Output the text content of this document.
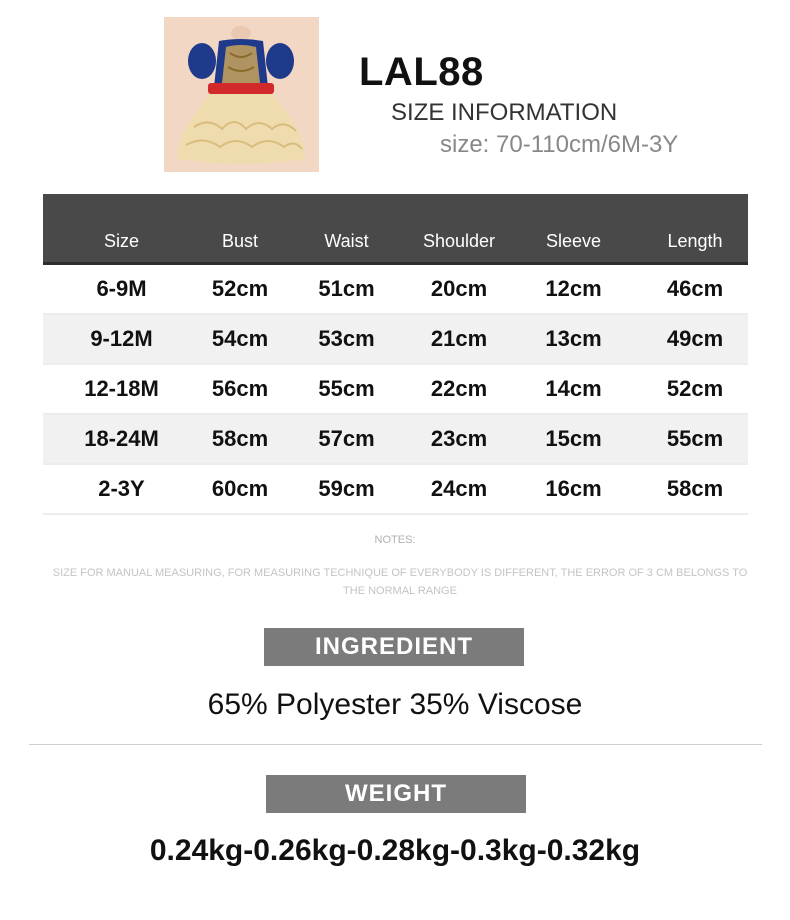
LAL88
SIZE INFORMATION
size: 70-110cm/6M-3Y
Size	Bust	Waist	Shoulder	Sleeve	Length
6-9M	52cm	51cm	20cm	12cm	46cm
9-12M	54cm	53cm	21cm	13cm	49cm
12-18M	56cm	55cm	22cm	14cm	52cm
18-24M	58cm	57cm	23cm	15cm	55cm
2-3Y	60cm	59cm	24cm	16cm	58cm
NOTES:
SIZE FOR MANUAL MEASURING, FOR MEASURING TECHNIQUE OF EVERYBODY IS DIFFERENT, THE ERROR OF 3 CM BELONGS TO THE NORMAL RANGE
INGREDIENT
65% Polyester 35% Viscose
WEIGHT
0.24kg-0.26kg-0.28kg-0.3kg-0.32kg
